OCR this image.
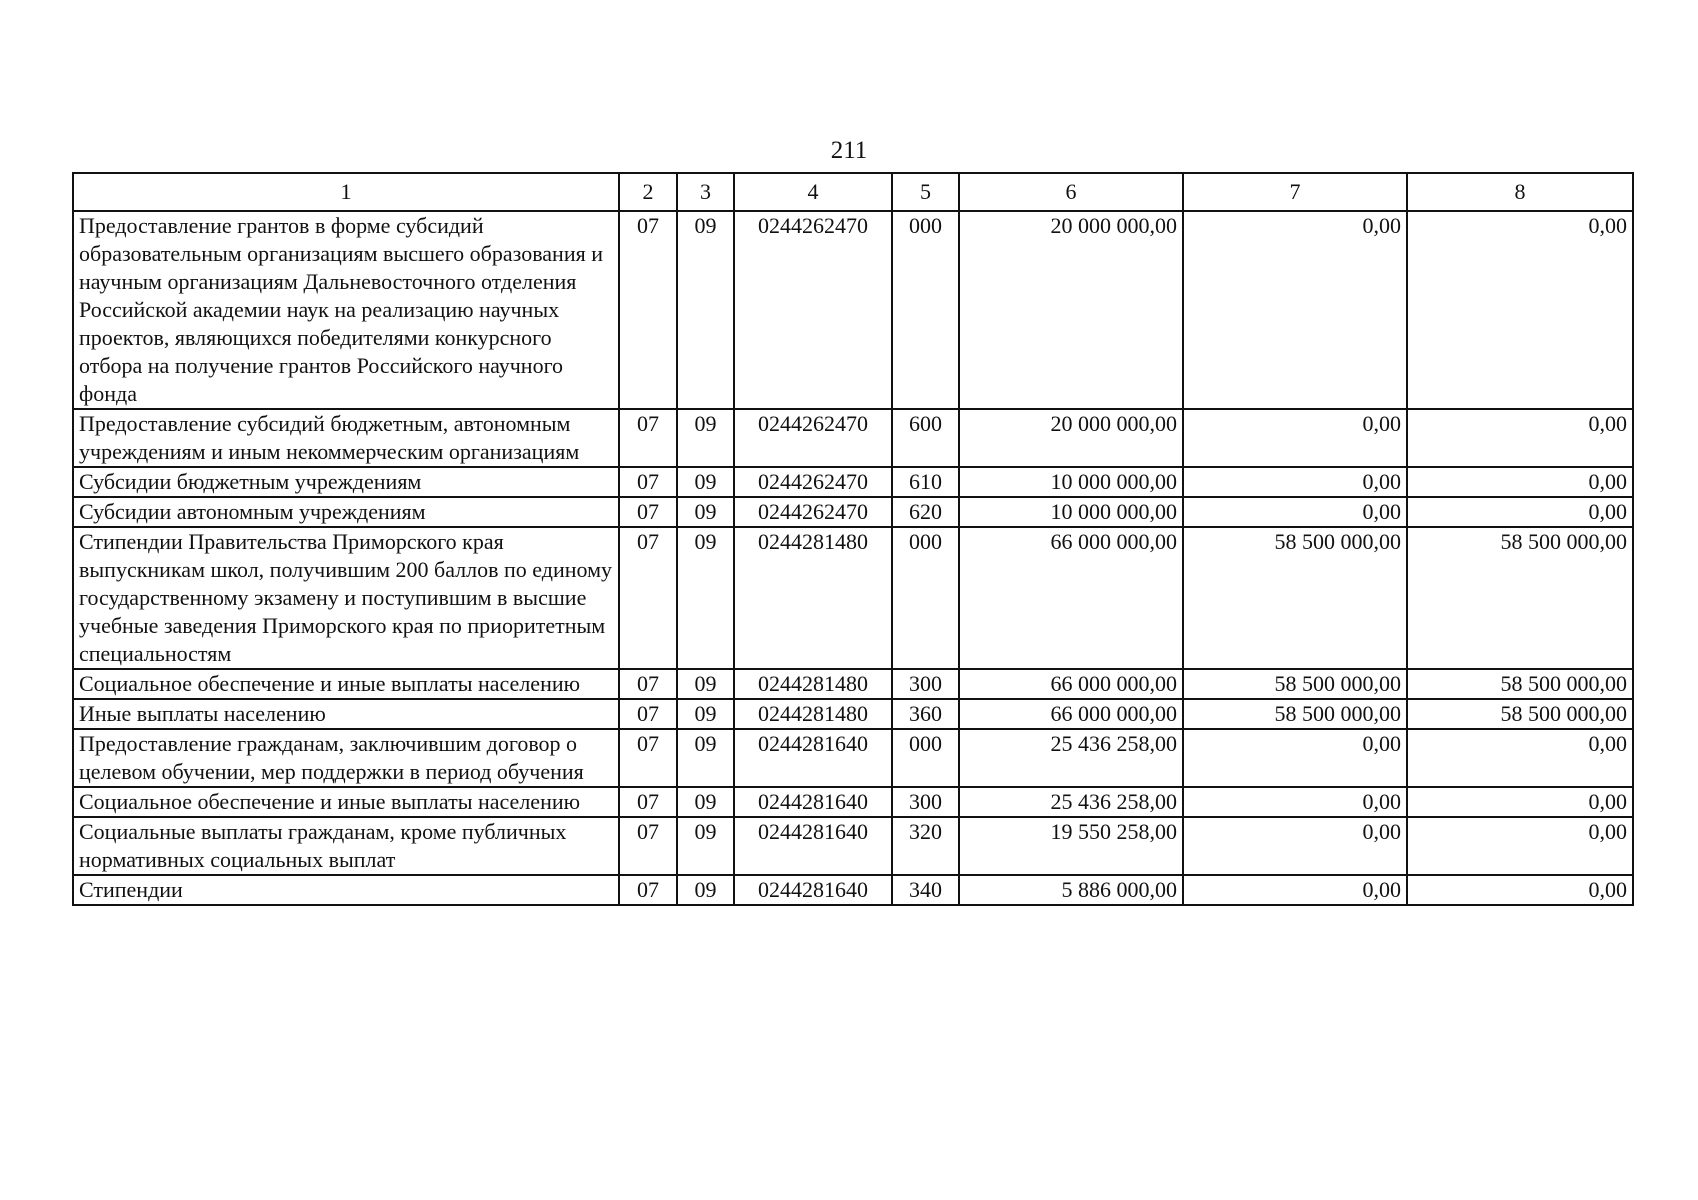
211
1	2	3	4	5	6	7	8
Предоставление грантов в форме субсидий образовательным организациям высшего образования и научным организациям Дальневосточного отделения Российской академии наук на реализацию научных проектов, являющихся победителями конкурсного отбора на получение грантов Российского научного фонда	07	09	0244262470	000	20 000 000,00	0,00	0,00
Предоставление субсидий бюджетным, автономным учреждениям и иным некоммерческим организациям	07	09	0244262470	600	20 000 000,00	0,00	0,00
Субсидии бюджетным учреждениям	07	09	0244262470	610	10 000 000,00	0,00	0,00
Субсидии автономным учреждениям	07	09	0244262470	620	10 000 000,00	0,00	0,00
Стипендии Правительства Приморского края выпускникам школ, получившим 200 баллов по единому государственному экзамену и поступившим в высшие учебные заведения Приморского края по приоритетным специальностям	07	09	0244281480	000	66 000 000,00	58 500 000,00	58 500 000,00
Социальное обеспечение и иные выплаты населению	07	09	0244281480	300	66 000 000,00	58 500 000,00	58 500 000,00
Иные выплаты населению	07	09	0244281480	360	66 000 000,00	58 500 000,00	58 500 000,00
Предоставление гражданам, заключившим договор о целевом обучении, мер поддержки в период обучения	07	09	0244281640	000	25 436 258,00	0,00	0,00
Социальное обеспечение и иные выплаты населению	07	09	0244281640	300	25 436 258,00	0,00	0,00
Социальные выплаты гражданам, кроме публичных нормативных социальных выплат	07	09	0244281640	320	19 550 258,00	0,00	0,00
Стипендии	07	09	0244281640	340	5 886 000,00	0,00	0,00
